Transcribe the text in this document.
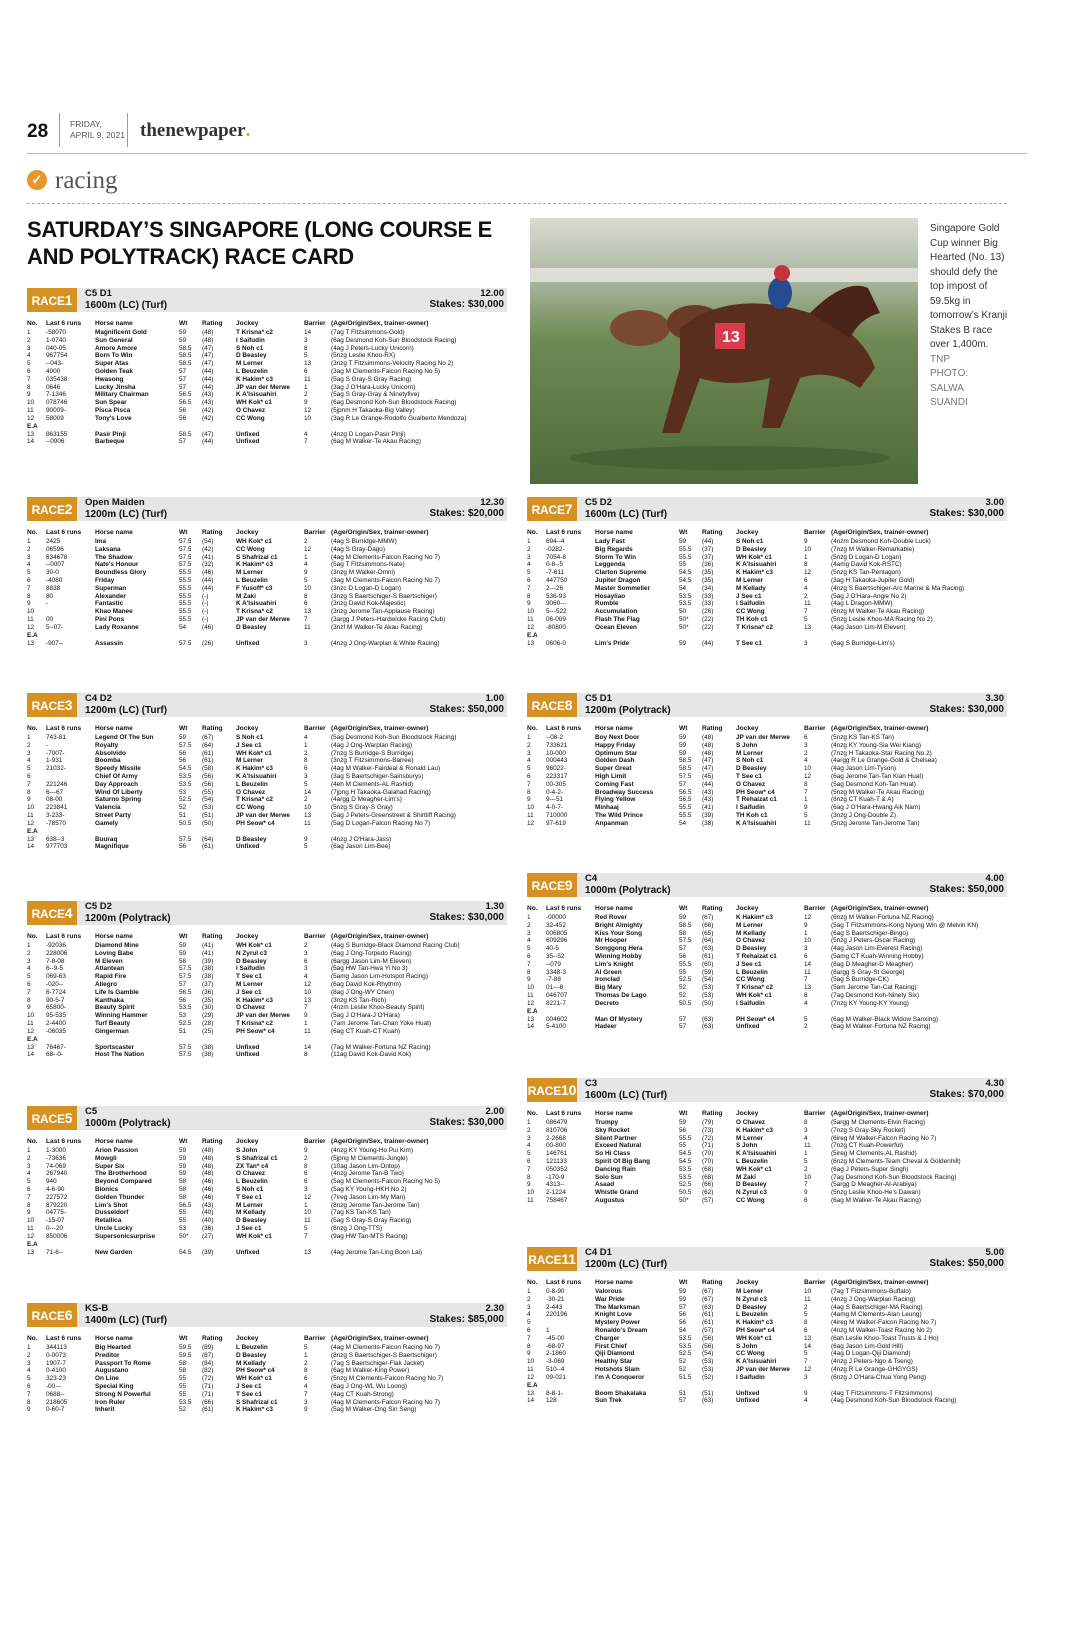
28	FRIDAY,
APRIL 9, 2021 thenewpaper.
✓ racing
SATURDAY’S SINGAPORE (LONG COURSE E AND POLYTRACK) RACE CARD
13
Singapore Gold Cup winner Big Hearted (No. 13) should defy the top impost of 59.5kg in tomorrow’s Kranji Stakes B race over 1,400m.
TNP PHOTO: SALWA SUANDI
RACE1	C5 D1
1600m (LC) (Turf)
12.00
Stakes: $30,000
No.	Last 6 runs	Horse name	Wt	Rating	Jockey	Barrier	(Age/Origin/Sex, trainer-owner)
1	-58070	Magnificent Gold	59	(48)	T Krisna* c2	14	(7ag T Fitzsimmons-Gold)
2	1-0740	Sun General	59	(48)	I Saifudin	3	(6ag Desmond Koh-Sun Bloodstock Racing)
3	040-05	Amore Amore	58.5	(47)	S Noh c1	8	(4ag J Peters-Lucky Unicorn)
4	967754	Born To Win	58.5	(47)	D Beasley	5	(5nzg Leslie Khoo-RX)
5	--043-	Super Atas	58.5	(47)	M Lerner	13	(3nzg T Fitzsimmons-Velocity Racing No 2)
6	4000	Golden Teak	57	(44)	L Beuzelin	6	(3ag M Clements-Falcon Racing No 5)
7	035438	Hwasong	57	(44)	K Hakim* c3	11	(5ag S Gray-S Gray Racing)
8	0646	Lucky Jinsha	57	(44)	JP van der Merwe	1	(3ag J O'Hara-Lucky Unicorn)
9	7-1346	Military Chairman	56.5	(43)	K A'Isisuahiri	2	(5ag S Gray-Gray & Ninetyfive)
10	078746	Sun Spear	56.5	(43)	WH Kok* c1	9	(6ag Desmond Koh-Sun Bloodstock Racing)
11	90009-	Pisca Pisca	56	(42)	O Chavez	12	(5jpnm H Takaoka-Big Valley)
12	58009	Tony's Love	56	(42)	CC Wong	10	(3ag R Le Grange-Rodolfo Gualberto Mendoza)
E.A							
13	863155	Pasir Pinji	58.5	(47)	Unfixed	4	(4nzg D Logan-Pasir Pinji)
14	--0906	Barbeque	57	(44)	Unfixed	7	(6ag M Walker-Te Akau Racing)
RACE2	Open Maiden
1200m (LC) (Turf)
12.30
Stakes: $20,000
No.	Last 6 runs	Horse name	Wt	Rating	Jockey	Barrier	(Age/Origin/Sex, trainer-owner)
1	2425	Ima	57.5	(54)	WH Kok* c1	2	(4ag S Burridge-MMW)
2	06596	Laksana	57.5	(42)	CC Wong	12	(4ag S Gray-Dago)
3	634678	The Shadow	57.5	(41)	S Shafrizal c1	1	(4ag M Clements-Falcon Racing No 7)
4	--0007	Nate's Honour	57.5	(32)	K Hakim* c3	4	(5ag T Fitzsimmons-Nate)
5	30-0	Boundless Glory	55.5	(46)	M Lerner	9	(3nzg M Walker-Omni)
6	-4080	Friday	55.5	(44)	L Beuzelin	5	(3ag M Clements-Falcon Racing No 7)
7	8838	Superman	55.5	(44)	F Yusoff* c3	10	(3nzc D Logan-D Logan)
8	80	Alexander	55.5	(-)	M Zaki	8	(3nzg S Baertschiger-S Baertschiger)
9	-	Fantastic	55.5	(-)	K A'Isisuahiri	6	(3nzg David Kok-Majestic)
10		Khao Manee	55.5	(-)	T Krisna* c2	13	(3nzg Jerome Tan-Applause Racing)
11	00	Pini Pons	55.5	(-)	JP van der Merwe	7	(3argg J Peters-Hardwicke Racing Club)
12	5--07-	Lady Roxanne	54	(46)	D Beasley	11	(3nzf M Walker-Te Akau Racing)
E.A							
13	-907--	Assassin	57.5	(26)	Unfixed	3	(4nzg J Ong-Warplan & White Racing)
RACE3	C4 D2
1200m (LC) (Turf)
1.00
Stakes: $50,000
No.	Last 6 runs	Horse name	Wt	Rating	Jockey	Barrier	(Age/Origin/Sex, trainer-owner)
1	743-81	Legend Of The Sun	59	(67)	S Noh c1	4	(5ag Desmond Koh-Sun Bloodstock Racing)
2	-	Royalty	57.5	(64)	J See c1	1	(4ag J Ong-Warplan Racing)
3	-7007-	Absolvido	56	(61)	WH Kok* c1	2	(7nzg S Burridge-S Burridge)
4	1-931	Boomba	56	(61)	M Lerner	8	(3nzg T Fitzsimmons-Barree)
5	21032-	Speedy Missile	54.5	(58)	K Hakim* c3	6	(4ag M Walker-Fairdeal & Ronald Lau)
6		Chief Of Army	53.5	(56)	K A'Isisuahiri	3	(3ag S Baertschiger-Sainsburys)
7	221246	Day Approach	53.5	(56)	L Beuzelin	5	(4eh M Clements-AL Rashid)
8	6---67	Wind Of Liberty	53	(55)	O Chavez	14	(7jpng H Takaoka-Galahad Racing)
9	08-00	Saturno Spring	52.5	(54)	T Krisna* c2	2	(4argg D Meagher-Lim's)
10	223841	Valencia	52	(53)	CC Wong	10	(5nzg S Gray-S Gray)
11	3-233-	Street Party	51	(51)	JP van der Merwe	13	(5ag J Peters-Greenstreet & Shirtliff Racing)
12	-78570	Gamely	50.5	(50)	PH Seow* c4	11	(5ag D Logan-Falcon Racing No 7)
E.A							
13	638--3	Buuraq	57.5	(64)	D Beasley	9	(4nzg J O'Hara-Jass)
14	977703	Magnifique	56	(61)	Unfixed	5	(6ag Jason Lim-Bee)
RACE4	C5 D2
1200m (Polytrack)
1.30
Stakes: $30,000
No.	Last 6 runs	Horse name	Wt	Rating	Jockey	Barrier	(Age/Origin/Sex, trainer-owner)
1	-92036	Diamond Mine	59	(41)	WH Kok* c1	2	(4ag S Burridge-Black Diamond Racing Club)
2	228006	Loving Babe	59	(41)	N Zyrul c3	3	(6ag J Ong-Torpedo Racing)
3	7-8-08	M Eleven	58	(39)	D Beasley	6	(6argg Jason Lim-M Eleven)
4	6--9-5	Atlantean	57.5	(38)	I Saifudin	3	(5ag HW Tan-Hwa Yi No 3)
5	069-63	Rapid Fire	57.5	(38)	T See c1	4	(5amg Jason Lim-Hotspot Racing)
6	-020--	Allegro	57	(37)	M Lerner	12	(6ag David Kok-Rhythm)
7	6-7724	Life Is Gamble	56.5	(36)	J See c1	10	(8ag J Ong-WY Chen)
8	90-5-7	Kanthaka	56	(35)	K Hakim* c3	13	(3nzg KS Tan-Rich)
9	65800-	Beauty Spirit	53.5	(30)	O Chavez	7	(4nzm Leslie Khoo-Beauty Spirit)
10	95-535	Winning Hammer	53	(29)	JP van der Merwe	9	(5ag J O'Hara-J O'Hara)
11	2-4400	Turf Beauty	52.5	(28)	T Krisna* c2	1	(7am Jerome Tan-Chan Yoke Huat)
12	-06035	Gingerman	51	(25)	PH Seow* c4	11	(6ag CT Kuah-CT Kuah)
E.A							
13	76467-	Sportscaster	57.5	(38)	Unfixed	14	(7ag M Walker-Fortuna NZ Racing)
14	68--0-	Host The Nation	57.5	(38)	Unfixed	8	(11ag David Kok-David Kok)
RACE5	C5
1000m (Polytrack)
2.00
Stakes: $30,000
No.	Last 6 runs	Horse name	Wt	Rating	Jockey	Barrier	(Age/Origin/Sex, trainer-owner)
1	1-3000	Arion Passion	59	(48)	S John	9	(4nzg KY Young-Ho Pui Kim)
2	-73636	Mowgli	59	(48)	S Shafrizal c1	2	(5jpng M Clements-Jungle)
3	74-069	Super Six	59	(48)	ZX Tan* c4	8	(10ag Jason Lim-Ontop)
4	267940	The Brotherhood	59	(48)	O Chavez	6	(4nzg Jerome Tan-B Two)
5	940	Beyond Compared	58	(46)	L Beuzelin	6	(5ag M Clements-Falcon Racing No 5)
6	4-6-90	Bionics	58	(46)	S Noh c1	3	(5ag KY Young-HKH No 2)
7	227572	Golden Thunder	58	(46)	T See c1	12	(7ireg Jason Lim-My Man)
8	879220	Lim's Shot	56.5	(43)	M Lerner	1	(8nzg Jerome Tan-Jerome Tan)
9	04775-	Dusseldorf	55	(40)	M Kellady	10	(7ag KS Tan-KS Tan)
10	-15-07	Retallica	55	(40)	D Beasley	11	(5ag S Gray-S Gray Racing)
11	0---20	Uncle Lucky	53	(36)	J See c1	5	(8nzg J Ong-TTS)
12	850006	Supersonicsurprise	50*	(27)	WH Kok* c1	7	(9ag HW Tan-MTS Racing)
E.A							
13	71-6--	New Garden	54.5	(39)	Unfixed	13	(4ag Jerome Tan-Ling Boon Lai)
RACE6	KS-B
1400m (LC) (Turf)
2.30
Stakes: $85,000
No.	Last 6 runs	Horse name	Wt	Rating	Jockey	Barrier	(Age/Origin/Sex, trainer-owner)
1	344113	Big Hearted	59.5	(89)	L Beuzelin	5	(4ag M Clements-Falcon Racing No 7)
2	0-0073	Preditor	59.5	(87)	D Beasley	1	(8nzg S Baertschiger-S Baertschiger)
3	1907-7	Passport To Rome	58	(84)	M Kellady	2	(7ag S Baertschiger-Flak Jacket)
4	0-4100	Augustano	58	(82)	PH Seow* c4	8	(6ag M Walker-King Power)
5	323-23	On Line	55	(72)	WH Kok* c1	6	(5nzg M Clements-Falcon Racing No 7)
6	-00---	Special King	55	(71)	J See c1	4	(6ag J Ong-WL Wu Loong)
7	0688--	Strong N Powerful	55	(71)	T See c1	7	(4ag CT Kuah-Strong)
8	218605	Iron Ruler	53.5	(66)	S Shafrizal c1	3	(4ag M Clements-Falcon Racing No 7)
9	0-60-7	Inherit	52	(61)	K Hakim* c3	9	(5ag M Walker-Ong Sin Seng)
RACE7	C5 D2
1600m (LC) (Turf)
3.00
Stakes: $30,000
No.	Last 6 runs	Horse name	Wt	Rating	Jockey	Barrier	(Age/Origin/Sex, trainer-owner)
1	694--4	Lady Fast	59	(44)	S Noh c1	9	(4nzm Desmond Koh-Double Luck)
2	-0282-	Big Regards	55.5	(37)	D Beasley	10	(7nzg M Walker-Remarkable)
3	7054-8	Storm To Win	55.5	(37)	WH Kok* c1	1	(5nzg D Logan-D Logan)
4	0-8--5	Leggenda	55	(36)	K A'Isisuahiri	8	(4amg David Kok-RSTC)
5	-7-611	Clarton Supreme	54.5	(35)	K Hakim* c3	12	(5nzg KS Tan-Pentagon)
6	447750	Jupiter Dragon	54.5	(35)	M Lerner	6	(3ag H Takaoka-Jupiter Gold)
7	2---26	Master Sommelier	54	(34)	M Kellady	4	(4nzg S Baertschiger-Arc Marine & Ma Racing)
8	536-93	Hosayliao	53.5	(33)	J See c1	2	(5ag J O'Hara-Angie No 2)
9	9060---	Rumble	53.5	(33)	I Saifudin	11	(4ag L Dragon-MMW)
10	5---522	Accumulation	50	(26)	CC Wong	7	(6nzg M Walker-Te Akau Racing)
11	06-009	Flash The Flag	50*	(22)	TH Koh c1	5	(5nzg Leslie Khoo-MA Racing No 2)
12	-80800	Ocean Eleven	50*	(22)	T Krisna* c2	13	(4ag Jason Lim-M Eleven)
E.A							
13	0606-0	Lim's Pride	59	(44)	T See c1	3	(6ag S Burridge-Lim's)
RACE8	C5 D1
1200m (Polytrack)
3.30
Stakes: $30,000
No.	Last 6 runs	Horse name	Wt	Rating	Jockey	Barrier	(Age/Origin/Sex, trainer-owner)
1	--08-2	Boy Next Door	59	(48)	JP van der Merwe	6	(5nzg KS Tan-KS Tan)
2	733621	Happy Friday	59	(48)	S John	3	(4nzg KY Young-Sia Wei Kiang)
3	10-000	Optimum Star	59	(48)	M Lerner	2	(7nzg H Takaoka-Star Racing No 2)
4	000443	Golden Dash	58.5	(47)	S Noh c1	4	(4argg R Le Grange-Gold & Chelsea)
5	96022-	Super Great	58.5	(47)	D Beasley	10	(4ag Jason Lim-Tyson)
6	223317	High Limit	57.5	(45)	T See c1	12	(6ag Jerome Tan-Tan Kian Huat)
7	00-305	Coming Fast	57	(44)	O Chavez	8	(5ag Desmond Koh-Tan Huat)
8	0-4-2-	Broadway Success	56.5	(43)	PH Seow* c4	7	(5nzg M Walker-Te Akau Racing)
9	9---51	Flying Yellow	56.5	(43)	T Rehaizat c1	1	(6nzg CT Kuah-T & A)
10	4-0-7-	Minhaaj	55.5	(41)	I Saifudin	9	(6ag J O'Hara-Hwang Aik Nam)
11	710000	The Wild Prince	55.5	(39)	TH Koh c1	5	(3nzg J Ong-Double Z)
12	97-619	Anpanman	54	(38)	K A'Isisuahiri	11	(5nzg Jerome Tan-Jerome Tan)
RACE9	C4
1000m (Polytrack)
4.00
Stakes: $50,000
No.	Last 6 runs	Horse name	Wt	Rating	Jockey	Barrier	(Age/Origin/Sex, trainer-owner)
1	-00000	Red Rover	59	(67)	K Hakim* c3	12	(6nzg M Walker-Fortuna NZ Racing)
2	32-452	Bright Almighty	58.5	(66)	M Lerner	9	(5ag T Fitzsimmons-Kong Nyong Win @ Melvin KN)
3	006805	Kiss Your Song	58	(65)	M Kellady	1	(6ag S Baertschiger-Bingo)
4	609296	Mr Hooper	57.5	(64)	O Chavez	10	(5nzg J Peters-Oscar Racing)
5	40-5	Songgong Hera	57	(63)	D Beasley	3	(4ag Jason Lim-Everest Racing)
6	35--52	Winning Hobby	56	(61)	T Rehaizat c1	6	(5amg CT Kuah-Winning Hobby)
7	--079	Lim's Knight	55.5	(60)	J See c1	14	(8ag D Meagher-D Meagher)
8	3348-3	Al Green	55	(59)	L Beuzelin	11	(8argg S Gray-St George)
9	-7-88	Ironclad	52.5	(54)	CC Wong	7	(5ag S Burridge-CK)
10	01---8	Big Mary	52	(53)	T Krisna* c2	13	(5am Jerome Tan-Cat Racing)
11	046707	Thomas De Lago	52	(53)	WH Kok* c1	8	(7ag Desmond Koh-Ninety Six)
12	8221-7	Decreto	50.5	(50)	I Saifudin	4	(7nzg KY Young-KY Young)
E.A							
13	004602	Man Of Mystery	57	(63)	PH Seow* c4	5	(6ag M Walker-Black Widow Sanxing)
14	5-4100	Hadeer	57	(63)	Unfixed	2	(6ag M Walker-Fortuna NZ Racing)
RACE10 C3
1600m (LC) (Turf)
4.30
Stakes: $70,000
No.	Last 6 runs	Horse name	Wt	Rating	Jockey	Barrier	(Age/Origin/Sex, trainer-owner)
1	086479	Trumpy	59	(79)	O Chavez	8	(5argg M Clements-Elvin Racing)
2	810706	Sky Rocket	56	(73)	K Hakim* c3	3	(7nzg S Gray-Sky Rocket)
3	2-2668	Silent Partner	55.5	(72)	M Lerner	4	(6ireg M Walker-Falcon Racing No 7)
4	00-800	Exceed Natural	55	(71)	S John	11	(7nzg CT Kuah-Powerful)
5	146761	So Hi Class	54.5	(70)	K A'Isisuahiri	1	(5ireg M Clements-AL Rashid)
6	121133	Spirit Of Big Bang	54.5	(70)	L Beuzelin	5	(6nzg M Clements-Team Cheval & Goldenhill)
7	050352	Dancing Rain	53.5	(68)	WH Kok* c1	2	(6ag J Peters-Super Singh)
8	-170-9	Solo Sun	53.5	(68)	M Zaki	10	(7ag Desmond Koh-Sun Bloodstock Racing)
9	4313--	Asaad	52.5	(66)	D Beasley	7	(5argg D Meagher-Al-Arabiya)
10	2-1224	Whistle Grand	50.5	(62)	N Zyrul c3	9	(5nzg Leslie Khoo-He's Dawan)
11	758467	Augustus	50*	(57)	CC Wong	6	(6ag M Walker-Te Akau Racing)
RACE11 C4 D1
1200m (LC) (Turf)
5.00
Stakes: $50,000
No.	Last 6 runs	Horse name	Wt	Rating	Jockey	Barrier	(Age/Origin/Sex, trainer-owner)
1	0-8-90	Valorous	59	(67)	M Lerner	10	(7ag T Fitzsimmons-Buffalo)
2	-30-21	War Pride	59	(67)	N Zyrul c3	11	(4nzg J Ong-Warplan Racing)
3	2-443	The Marksman	57	(63)	D Beasley	2	(4ag S Baertschiger-MA Racing)
4	220196	Knight Love	56	(61)	L Beuzelin	5	(4amg M Clements-Alan Leung)
5		Mystery Power	56	(61)	K Hakim* c3	8	(4ireg M Walker-Falcon Racing No 7)
6	1	Ronaldo's Dream	54	(57)	PH Seow* c4	6	(4nzg M Walker-Toast Racing No 2)
7	-45-00	Charger	53.5	(56)	WH Kok* c1	13	(6ah Leslie Khoo-Toast Trusts & J Ho)
8	-68-97	First Chief	53.5	(56)	S John	14	(6ag Jason Lim-Gold Hill)
9	2-1860	Qiji Diamond	52.5	(54)	CC Wong	5	(4ag D Logan-Qiji Diamond)
10	-3-069	Healthy Star	52	(53)	K A'Isisuahiri	7	(4nzg J Peters-Ngo & Tseng)
11	510--4	Hotshots Slam	52	(53)	JP van der Merwe	12	(4nzg R Le Grange-GHGYGS)
12	09-021	I'm A Conqueror	51.5	(52)	I Saifudin	3	(6nzg J O'Hara-Chua Yong Peng)
E.A							
13	8-8-1-	Boom Shakalaka	51	(51)	Unfixed	9	(4ag T Fitzsimmons-T Fitzsimmons)
14	128	Sun Trek	57	(63)	Unfixed	4	(4ag Desmond Koh-Sun Bloodstock Racing)
